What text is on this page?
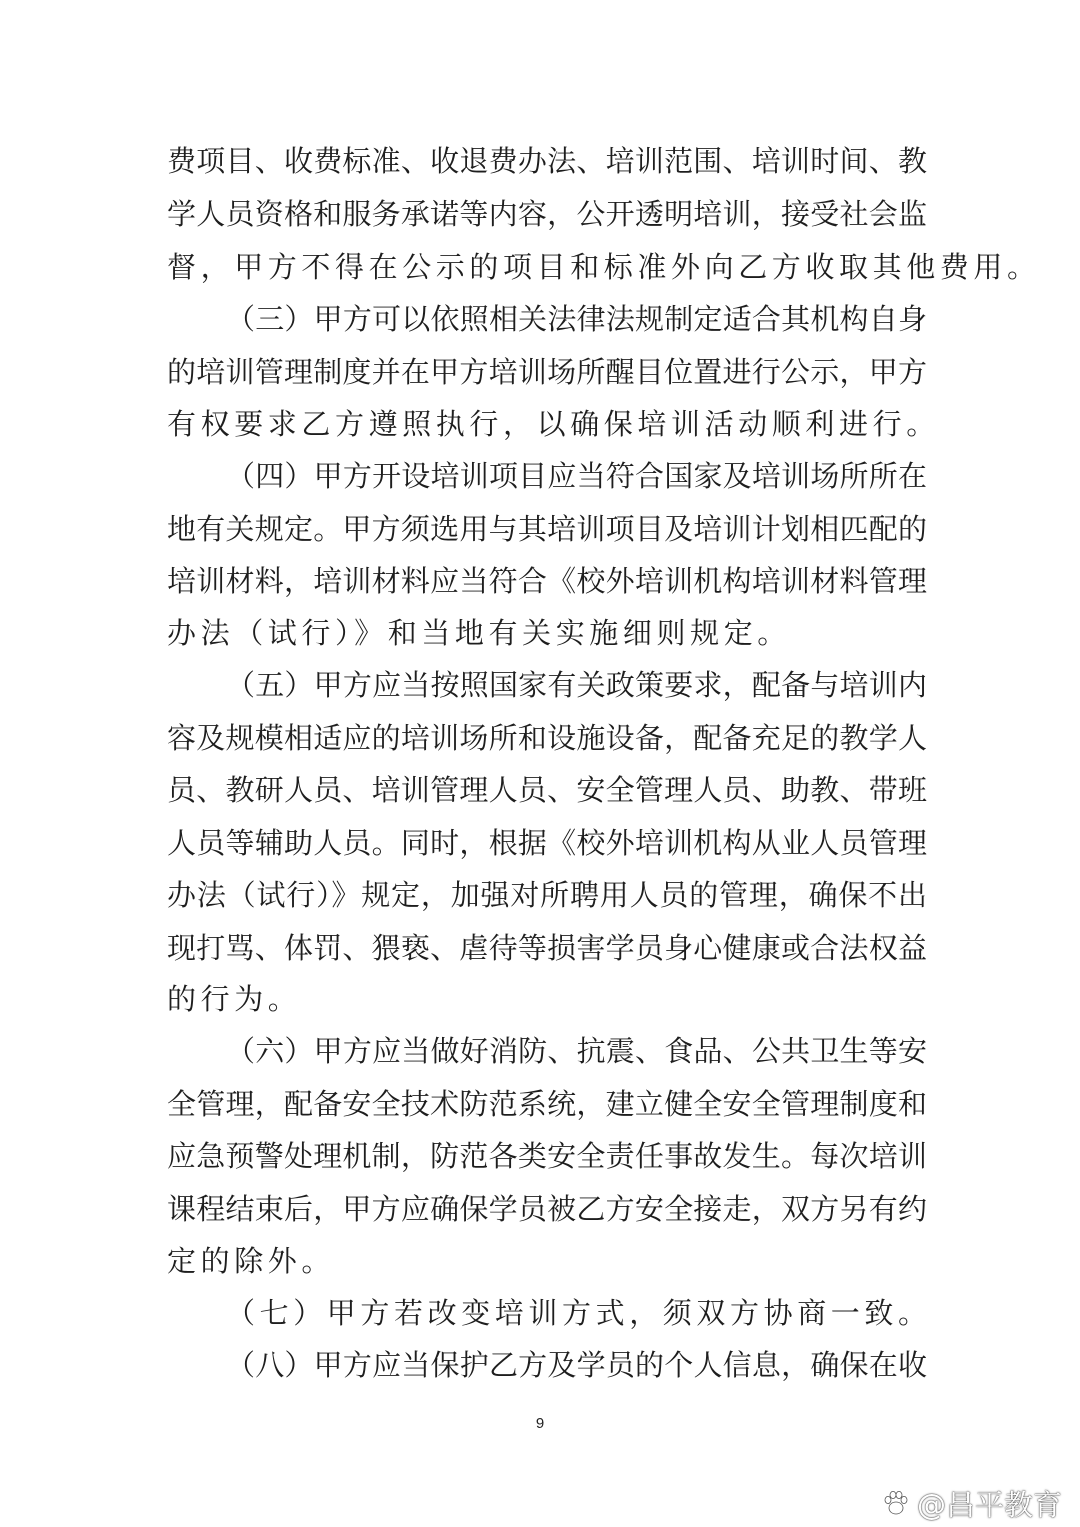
费项目、收费标准、收退费办法、培训范围、培训时间、教
学人员资格和服务承诺等内容，公开透明培训，接受社会监
督，甲方不得在公示的项目和标准外向乙方收取其他费用。
（三）甲方可以依照相关法律法规制定适合其机构自身
的培训管理制度并在甲方培训场所醒目位置进行公示，甲方
有权要求乙方遵照执行，以确保培训活动顺利进行。
（四）甲方开设培训项目应当符合国家及培训场所所在
地有关规定。甲方须选用与其培训项目及培训计划相匹配的
培训材料，培训材料应当符合《校外培训机构培训材料管理
办法（试行）》和当地有关实施细则规定。
（五）甲方应当按照国家有关政策要求，配备与培训内
容及规模相适应的培训场所和设施设备，配备充足的教学人
员、教研人员、培训管理人员、安全管理人员、助教、带班
人员等辅助人员。同时，根据《校外培训机构从业人员管理
办法（试行）》规定，加强对所聘用人员的管理，确保不出
现打骂、体罚、猥亵、虐待等损害学员身心健康或合法权益
的行为。
（六）甲方应当做好消防、抗震、食品、公共卫生等安
全管理，配备安全技术防范系统，建立健全安全管理制度和
应急预警处理机制，防范各类安全责任事故发生。每次培训
课程结束后，甲方应确保学员被乙方安全接走，双方另有约
定的除外。
（七）甲方若改变培训方式，须双方协商一致。
（八）甲方应当保护乙方及学员的个人信息，确保在收
9
@昌平教育
